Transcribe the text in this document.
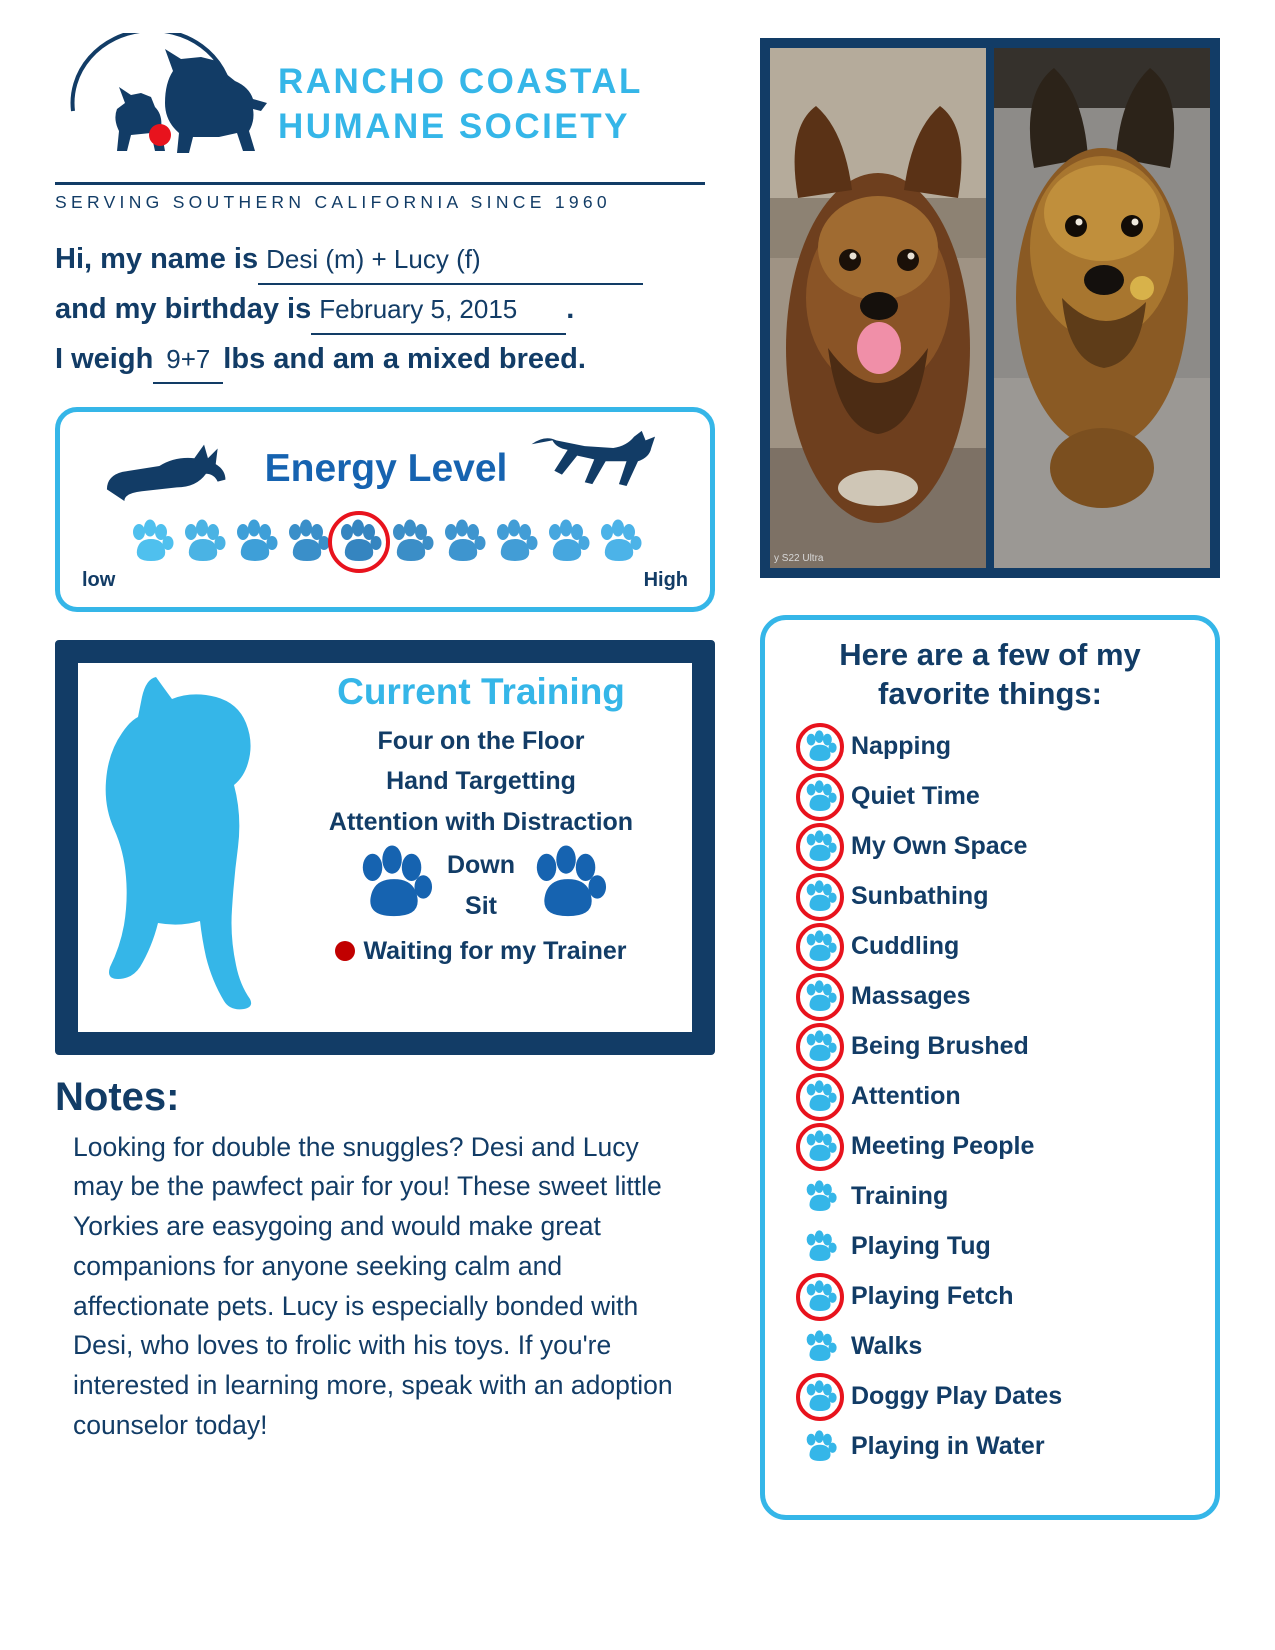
RANCHO COASTAL
HUMANE SOCIETY
SERVING SOUTHERN CALIFORNIA SINCE 1960
Hi, my name is Desi (m) + Lucy (f)
and my birthday is February 5, 2015	.
I weigh 9+7 lbs and am a mixed breed.
Energy Level
low	High
Current Training
Four on the Floor
Hand Targetting
Attention with Distraction
Down
Sit
Waiting for my Trainer
Notes:
Looking for double the snuggles? Desi and Lucy may be the pawfect pair for you! These sweet little Yorkies are easygoing and would make great companions for anyone seeking calm and affectionate pets. Lucy is especially bonded with Desi, who loves to frolic with his toys. If you're interested in learning more, speak with an adoption counselor today!
y S22 Ultra
Here are a few of my favorite things:
Napping
Quiet Time
My Own Space
Sunbathing
Cuddling
Massages
Being Brushed
Attention
Meeting People
Training
Playing Tug
Playing Fetch
Walks
Doggy Play Dates
Playing in Water
